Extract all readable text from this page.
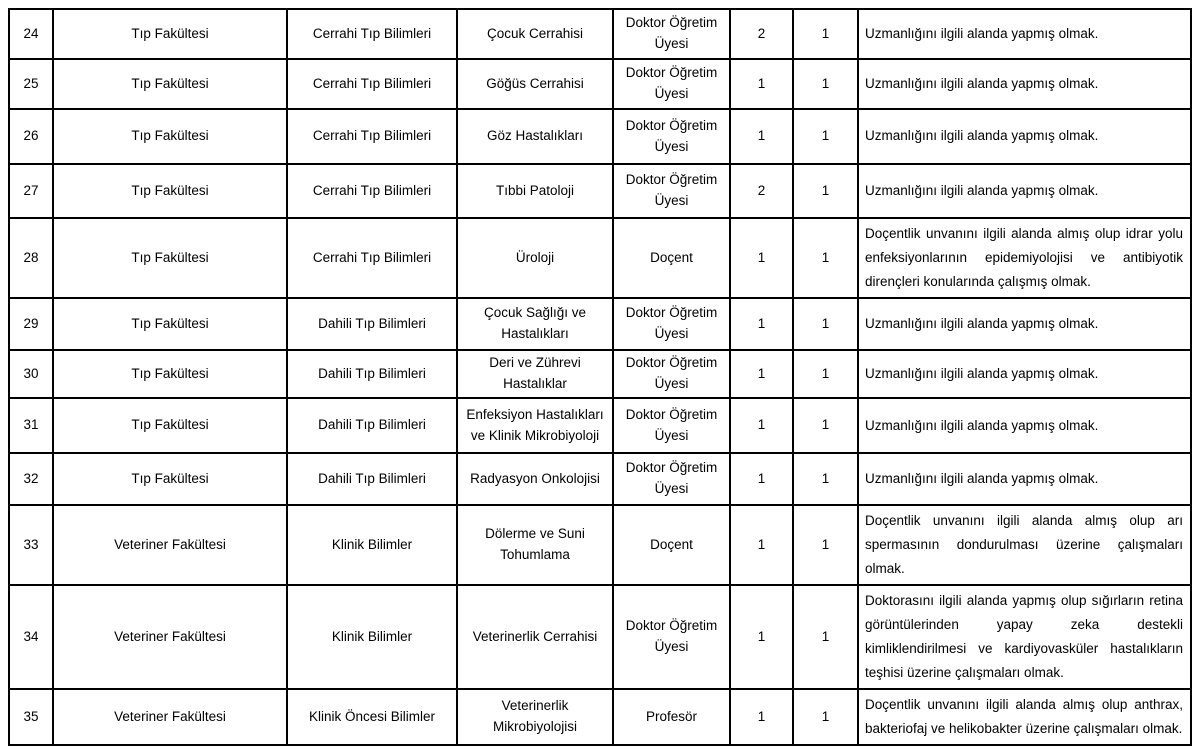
24	Tıp Fakültesi	Cerrahi Tıp Bilimleri	Çocuk Cerrahisi	Doktor Öğretim Üyesi	2	1	Uzmanlığını ilgili alanda yapmış olmak.
25	Tıp Fakültesi	Cerrahi Tıp Bilimleri	Göğüs Cerrahisi	Doktor Öğretim Üyesi	1	1	Uzmanlığını ilgili alanda yapmış olmak.
26	Tıp Fakültesi	Cerrahi Tıp Bilimleri	Göz Hastalıkları	Doktor Öğretim Üyesi	1	1	Uzmanlığını ilgili alanda yapmış olmak.
27	Tıp Fakültesi	Cerrahi Tıp Bilimleri	Tıbbi Patoloji	Doktor Öğretim Üyesi	2	1	Uzmanlığını ilgili alanda yapmış olmak.
28	Tıp Fakültesi	Cerrahi Tıp Bilimleri	Üroloji	Doçent	1	1	Doçentlik unvanını ilgili alanda almış olup idrar yolu enfeksiyonlarının epidemiyolojisi ve antibiyotik dirençleri konularında çalışmış olmak.
29	Tıp Fakültesi	Dahili Tıp Bilimleri	Çocuk Sağlığı ve Hastalıkları	Doktor Öğretim Üyesi	1	1	Uzmanlığını ilgili alanda yapmış olmak.
30	Tıp Fakültesi	Dahili Tıp Bilimleri	Deri ve Zührevi Hastalıklar	Doktor Öğretim Üyesi	1	1	Uzmanlığını ilgili alanda yapmış olmak.
31	Tıp Fakültesi	Dahili Tıp Bilimleri	Enfeksiyon Hastalıkları ve Klinik Mikrobiyoloji	Doktor Öğretim Üyesi	1	1	Uzmanlığını ilgili alanda yapmış olmak.
32	Tıp Fakültesi	Dahili Tıp Bilimleri	Radyasyon Onkolojisi	Doktor Öğretim Üyesi	1	1	Uzmanlığını ilgili alanda yapmış olmak.
33	Veteriner Fakültesi	Klinik Bilimler	Dölerme ve Suni Tohumlama	Doçent	1	1	Doçentlik unvanını ilgili alanda almış olup arı spermasının dondurulması üzerine çalışmaları olmak.
34	Veteriner Fakültesi	Klinik Bilimler	Veterinerlik Cerrahisi	Doktor Öğretim Üyesi	1	1	Doktorasını ilgili alanda yapmış olup sığırların retina görüntülerinden yapay zeka destekli kimliklendirilmesi ve kardiyovasküler hastalıkların teşhisi üzerine çalışmaları olmak.
35	Veteriner Fakültesi	Klinik Öncesi Bilimler	Veterinerlik Mikrobiyolojisi	Profesör	1	1	Doçentlik unvanını ilgili alanda almış olup anthrax, bakteriofaj ve helikobakter üzerine çalışmaları olmak.
